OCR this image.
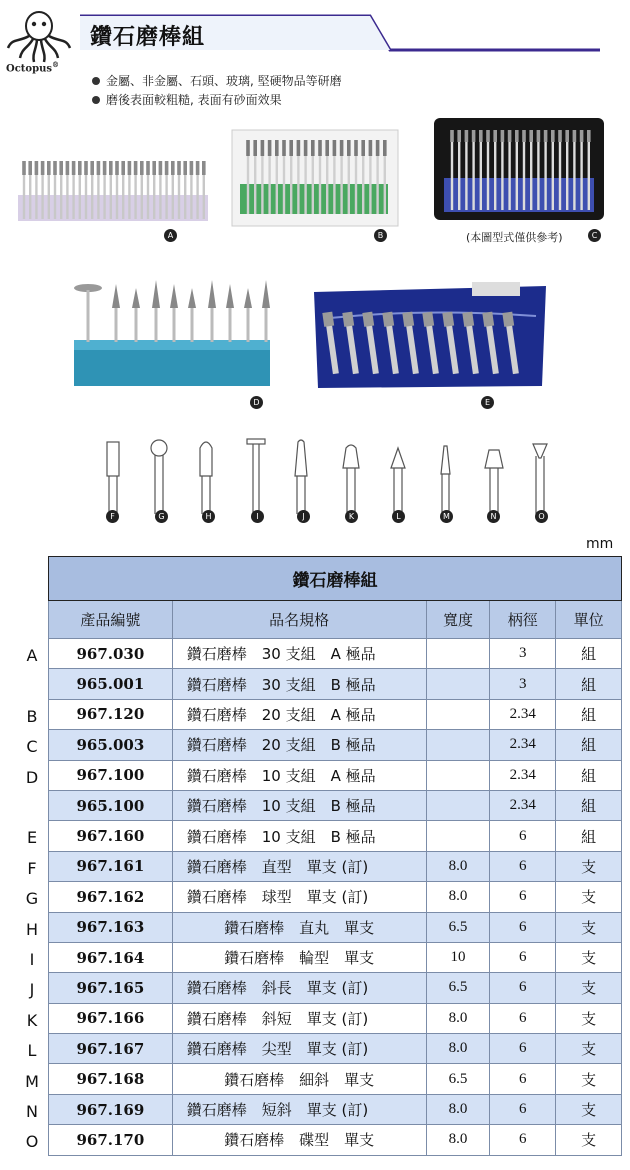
Octopus®
鑽石磨棒組
金屬、非金屬、石頭、玻璃, 堅硬物品等研磨
磨後表面較粗糙, 表面有砂面效果
A	B	(本圖型式僅供參考)	C
D	E
F	G	H	I	J	K	L	M	N	O
mm
鑽石磨棒組				
產品編號	品名規格	寬度	柄徑	單位
967.030	鑽石磨棒　30 支組　A 極品		3	組
965.001	鑽石磨棒　30 支組　B 極品		3	組
967.120	鑽石磨棒　20 支組　A 極品		2.34	組
965.003	鑽石磨棒　20 支組　B 極品		2.34	組
967.100	鑽石磨棒　10 支組　A 極品		2.34	組
965.100	鑽石磨棒　10 支組　B 極品		2.34	組
967.160	鑽石磨棒　10 支組　B 極品		6	組
967.161	鑽石磨棒　直型　單支 (訂)	8.0	6	支
967.162	鑽石磨棒　球型　單支 (訂)	8.0	6	支
967.163	鑽石磨棒　直丸　單支	6.5	6	支
967.164	鑽石磨棒　輪型　單支	10	6	支
967.165	鑽石磨棒　斜長　單支 (訂)	6.5	6	支
967.166	鑽石磨棒　斜短　單支 (訂)	8.0	6	支
967.167	鑽石磨棒　尖型　單支 (訂)	8.0	6	支
967.168	鑽石磨棒　細斜　單支	6.5	6	支
967.169	鑽石磨棒　短斜　單支 (訂)	8.0	6	支
967.170	鑽石磨棒　碟型　單支	8.0	6	支
A
B
C
D
E
F
G
H
I
J
K
L
M
N
O
